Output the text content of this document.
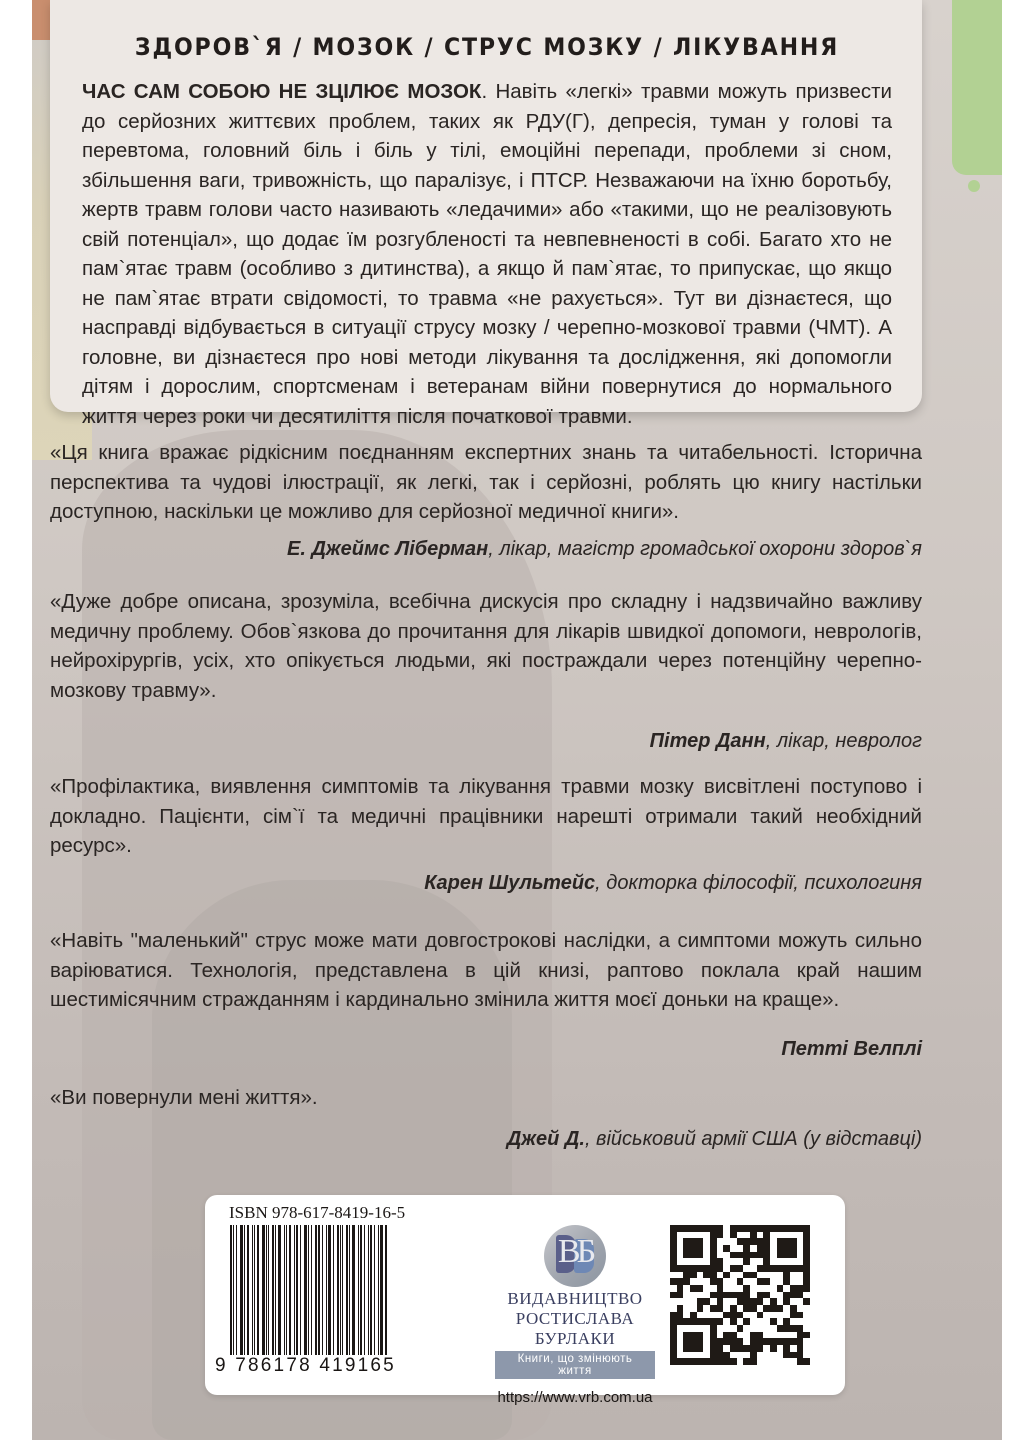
ЗДОРОВ`Я / МОЗОК / СТРУС МОЗКУ / ЛІКУВАННЯ

ЧАС САМ СОБОЮ НЕ ЗЦІЛЮЄ МОЗОК. Навіть «легкі» травми можуть призвести до серйозних життєвих проблем, таких як РДУ(Г), депресія, туман у голові та перевтома, головний біль і біль у тілі, емоційні перепади, проблеми зі сном, збільшення ваги, тривожність, що паралізує, і ПТСР. Незважаючи на їхню боротьбу, жертв травм голови часто називають «ледачими» або «такими, що не реалізовують свій потенціал», що додає їм розгубленості та невпевненості в собі. Багато хто не пам`ятає травм (особливо з дитинства), а якщо й пам`ятає, то припускає, що якщо не пам`ятає втрати свідомості, то травма «не рахується». Тут ви дізнаєтеся, що насправді відбувається в ситуації струсу мозку / черепно-мозкової травми (ЧМТ). А головне, ви дізнаєтеся про нові методи лікування та дослідження, які допомогли дітям і дорослим, спортсменам і ветеранам війни повернутися до нормального життя через роки чи десятиліття після початкової травми.

«Ця книга вражає рідкісним поєднанням експертних знань та читабельності. Історична перспектива та чудові ілюстрації, як легкі, так і серйозні, роблять цю книгу настільки доступною, наскільки це можливо для серйозної медичної книги».

Е. Джеймс Ліберман, лікар, магістр громадської охорони здоров`я

«Дуже добре описана, зрозуміла, всебічна дискусія про складну і надзвичайно важливу медичну проблему. Обов`язкова до прочитання для лікарів швидкої допомоги, неврологів, нейрохірургів, усіх, хто опікується людьми, які постраждали через потенційну черепно-мозкову травму».

Пітер Данн, лікар, невролог

«Профілактика, виявлення симптомів та лікування травми мозку висвітлені поступово і докладно. Пацієнти, сім`ї та медичні працівники нарешті отримали такий необхідний ресурс».

Карен Шультейс, докторка філософії, психологиня

«Навіть "маленький" струс може мати довгострокові наслідки, а симптоми можуть сильно варіюватися. Технологія, представлена в цій книзі, раптово поклала край нашим шестимісячним стражданням і кардинально змінила життя моєї доньки на краще».

Петті Велплі

«Ви повернули мені життя».

Джей Д., військовий армії США (у відставці)
ISBN 978-617-8419-16-5
9 786178 419165
ВБ
ВИДАВНИЦТВО
РОСТИСЛАВА БУРЛАКИ
Книги, що змінюють життя
https://www.vrb.com.ua
